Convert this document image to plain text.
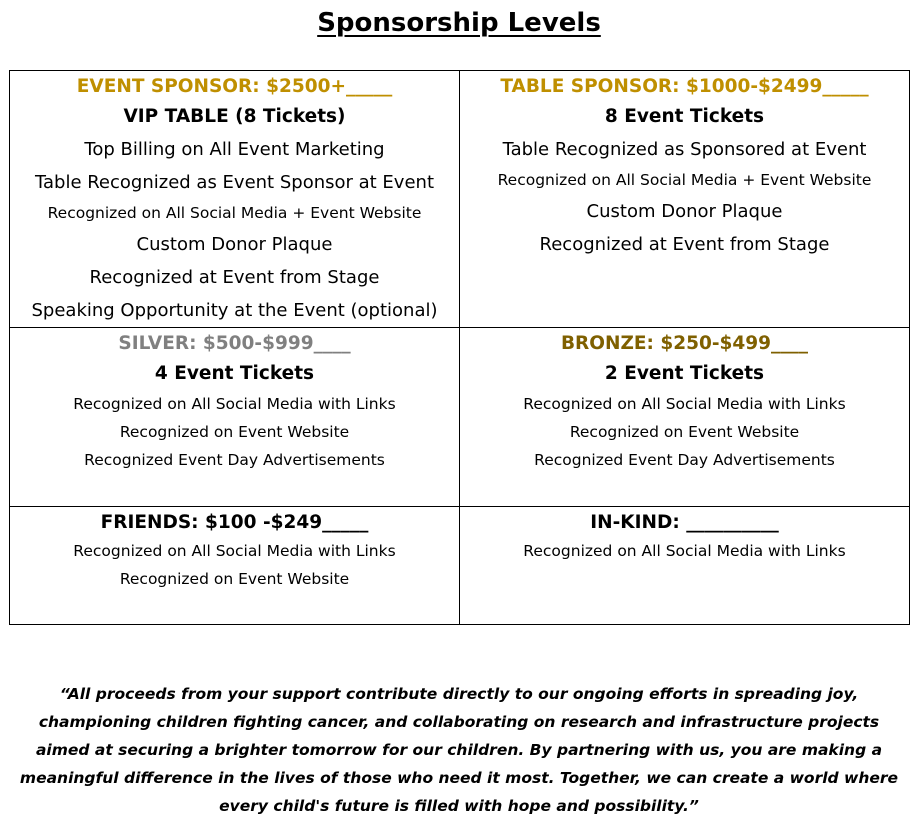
Sponsorship Levels
EVENT SPONSOR: $2500+_____
VIP TABLE (8 Tickets)
Top Billing on All Event Marketing
Table Recognized as Event Sponsor at Event
Recognized on All Social Media + Event Website
Custom Donor Plaque
Recognized at Event from Stage
Speaking Opportunity at the Event (optional)
TABLE SPONSOR: $1000-$2499_____
8 Event Tickets
Table Recognized as Sponsored at Event
Recognized on All Social Media + Event Website
Custom Donor Plaque
Recognized at Event from Stage
SILVER: $500-$999____
4 Event Tickets
Recognized on All Social Media with Links
Recognized on Event Website
Recognized Event Day Advertisements
BRONZE: $250-$499____
2 Event Tickets
Recognized on All Social Media with Links
Recognized on Event Website
Recognized Event Day Advertisements
FRIENDS: $100 -$249_____
Recognized on All Social Media with Links
Recognized on Event Website
IN-KIND: __________
Recognized on All Social Media with Links
“All proceeds from your support contribute directly to our ongoing efforts in spreading joy, championing children fighting cancer, and collaborating on research and infrastructure projects aimed at securing a brighter tomorrow for our children. By partnering with us, you are making a meaningful difference in the lives of those who need it most. Together, we can create a world where every child's future is filled with hope and possibility.”
